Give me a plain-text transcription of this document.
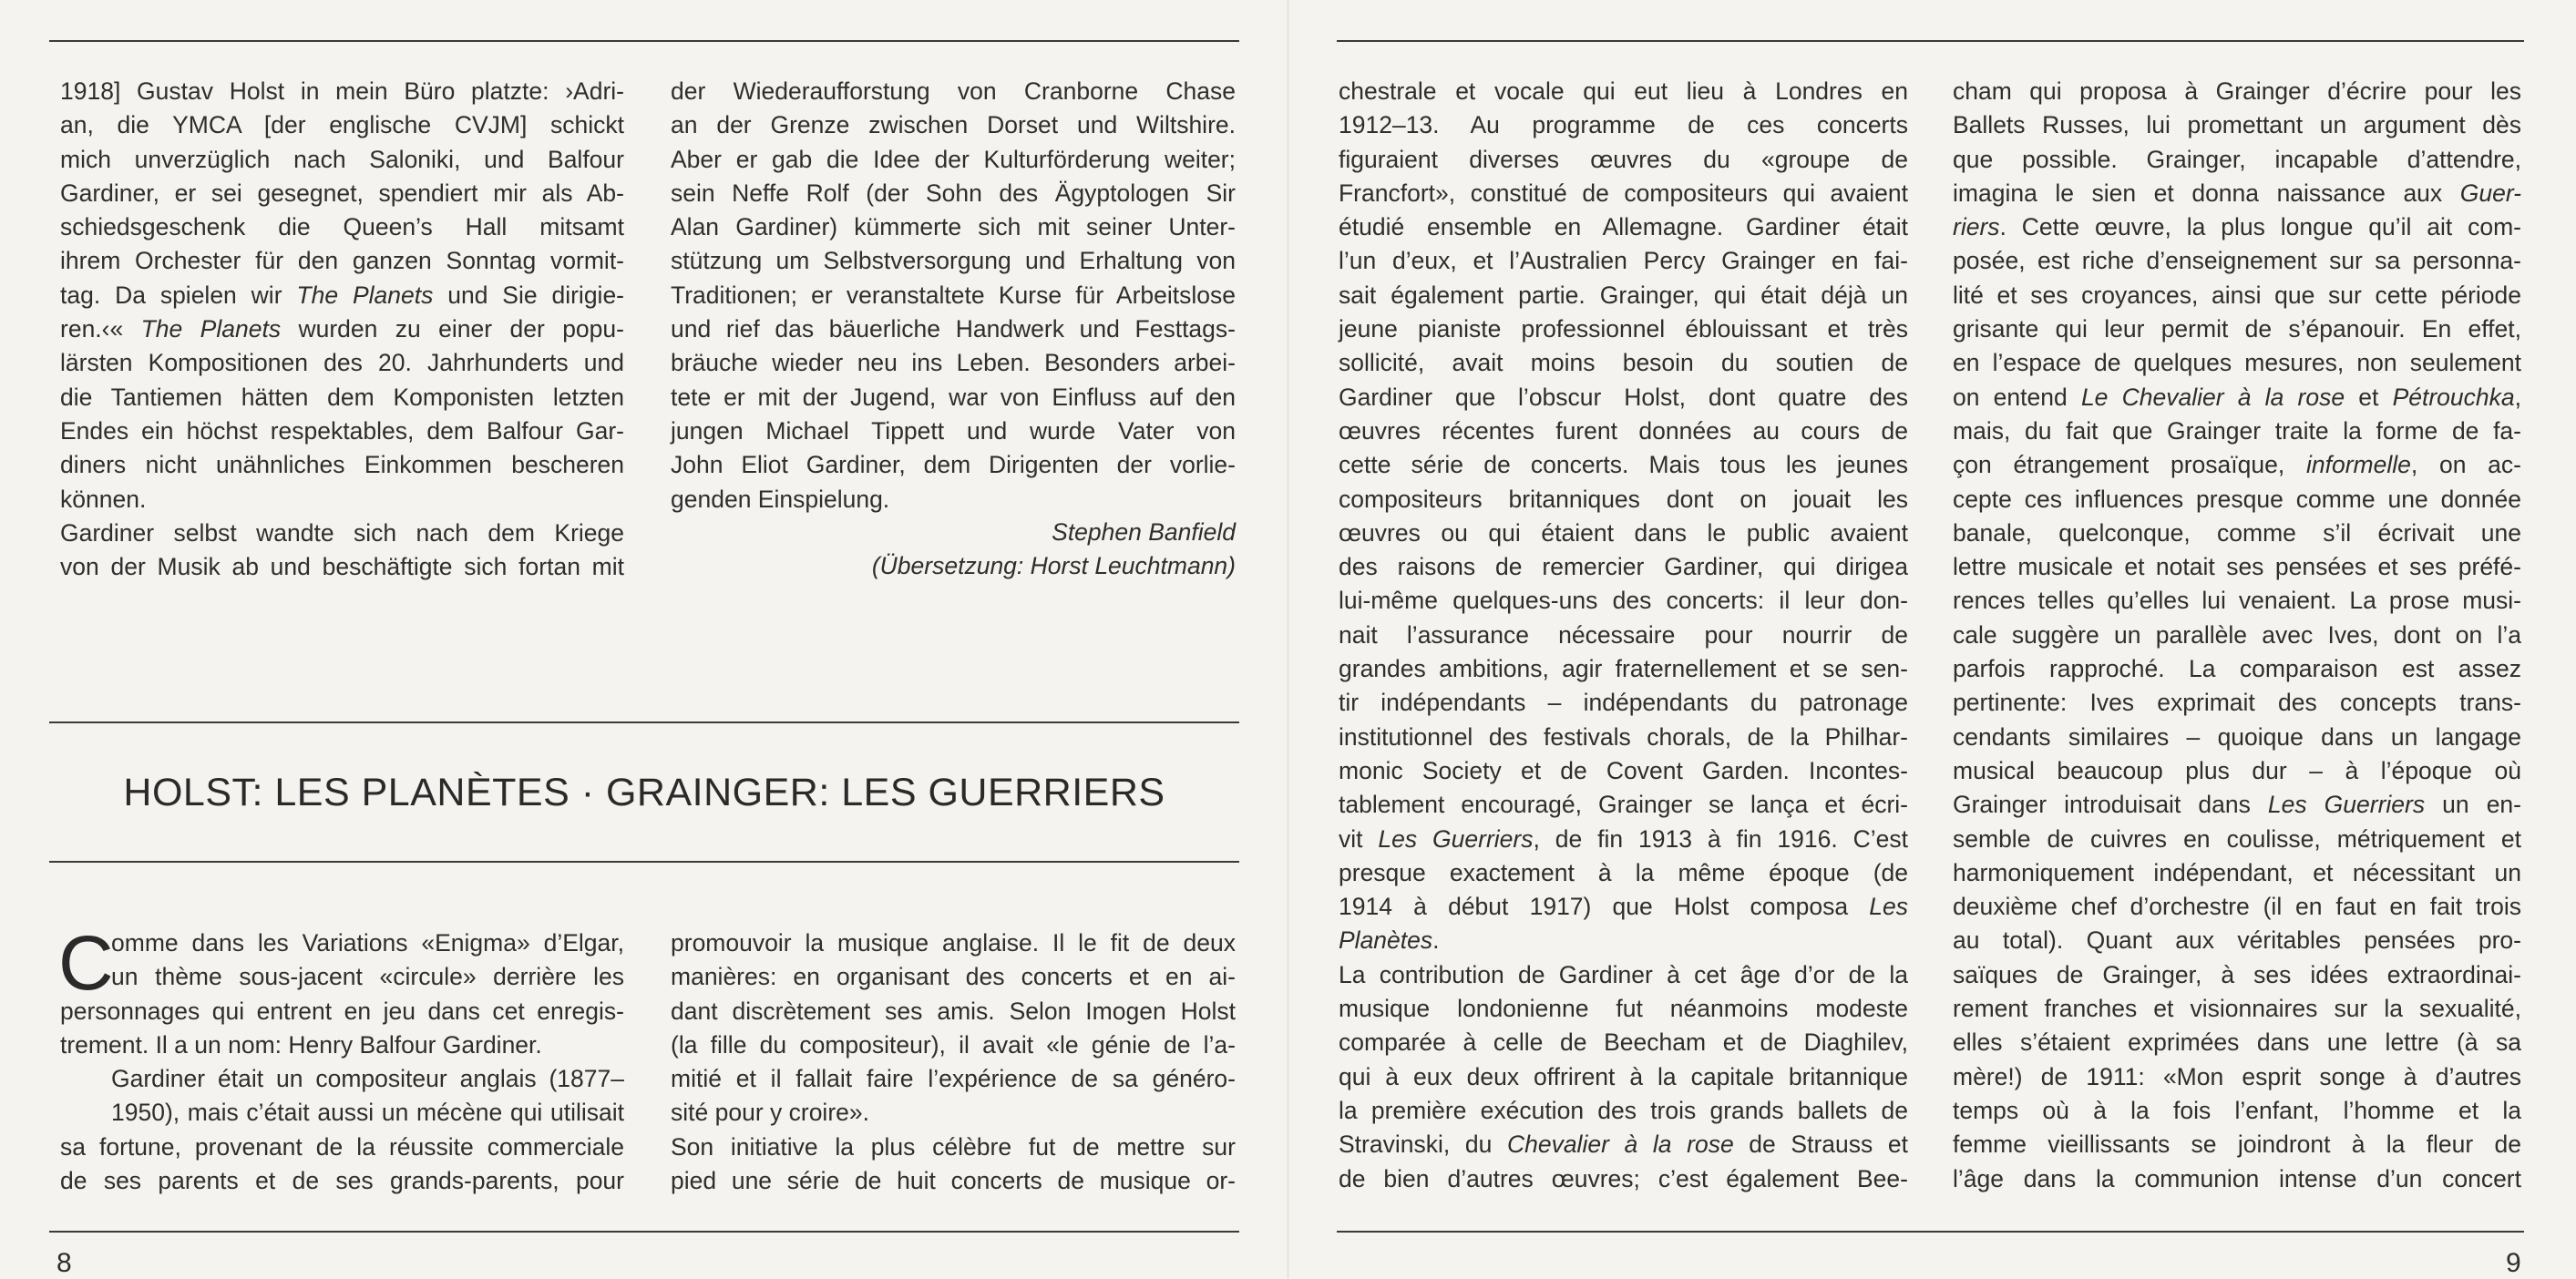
1918] Gustav Holst in mein Büro platzte: ›Adri-
an, die YMCA [der englische CVJM] schickt
mich unverzüglich nach Saloniki, und Balfour
Gardiner, er sei gesegnet, spendiert mir als Ab-
schiedsgeschenk die Queen’s Hall mitsamt
ihrem Orchester für den ganzen Sonntag vormit-
tag. Da spielen wir The Planets und Sie dirigie-
ren.‹« The Planets wurden zu einer der popu-
lärsten Kompositionen des 20. Jahrhunderts und
die Tantiemen hätten dem Komponisten letzten
Endes ein höchst respektables, dem Balfour Gar-
diners nicht unähnliches Einkommen bescheren
können.
Gardiner selbst wandte sich nach dem Kriege
von der Musik ab und beschäftigte sich fortan mit
der Wiederaufforstung von Cranborne Chase
an der Grenze zwischen Dorset und Wiltshire.
Aber er gab die Idee der Kulturförderung weiter;
sein Neffe Rolf (der Sohn des Ägyptologen Sir
Alan Gardiner) kümmerte sich mit seiner Unter-
stützung um Selbstversorgung und Erhaltung von
Traditionen; er veranstaltete Kurse für Arbeitslose
und rief das bäuerliche Handwerk und Festtags-
bräuche wieder neu ins Leben. Besonders arbei-
tete er mit der Jugend, war von Einfluss auf den
jungen Michael Tippett und wurde Vater von
John Eliot Gardiner, dem Dirigenten der vorlie-
genden Einspielung.
Stephen Banfield
(Übersetzung: Horst Leuchtmann)
HOLST: LES PLANÈTES · GRAINGER: LES GUERRIERS
C
omme dans les Variations «Enigma» d’Elgar,
un thème sous-jacent «circule» derrière les
personnages qui entrent en jeu dans cet enregis-
trement. Il a un nom: Henry Balfour Gardiner.
Gardiner était un compositeur anglais (1877–
1950), mais c’était aussi un mécène qui utilisait
sa fortune, provenant de la réussite commerciale
de ses parents et de ses grands-parents, pour
promouvoir la musique anglaise. Il le fit de deux
manières: en organisant des concerts et en ai-
dant discrètement ses amis. Selon Imogen Holst
(la fille du compositeur), il avait «le génie de l’a-
mitié et il fallait faire l’expérience de sa généro-
sité pour y croire».
Son initiative la plus célèbre fut de mettre sur
pied une série de huit concerts de musique or-
8
chestrale et vocale qui eut lieu à Londres en
1912–13. Au programme de ces concerts
figuraient diverses œuvres du «groupe de
Francfort», constitué de compositeurs qui avaient
étudié ensemble en Allemagne. Gardiner était
l’un d’eux, et l’Australien Percy Grainger en fai-
sait également partie. Grainger, qui était déjà un
jeune pianiste professionnel éblouissant et très
sollicité, avait moins besoin du soutien de
Gardiner que l’obscur Holst, dont quatre des
œuvres récentes furent données au cours de
cette série de concerts. Mais tous les jeunes
compositeurs britanniques dont on jouait les
œuvres ou qui étaient dans le public avaient
des raisons de remercier Gardiner, qui dirigea
lui-même quelques-uns des concerts: il leur don-
nait l’assurance nécessaire pour nourrir de
grandes ambitions, agir fraternellement et se sen-
tir indépendants – indépendants du patronage
institutionnel des festivals chorals, de la Philhar-
monic Society et de Covent Garden. Incontes-
tablement encouragé, Grainger se lança et écri-
vit Les Guerriers, de fin 1913 à fin 1916. C’est
presque exactement à la même époque (de
1914 à début 1917) que Holst composa Les
Planètes.
La contribution de Gardiner à cet âge d’or de la
musique londonienne fut néanmoins modeste
comparée à celle de Beecham et de Diaghilev,
qui à eux deux offrirent à la capitale britannique
la première exécution des trois grands ballets de
Stravinski, du Chevalier à la rose de Strauss et
de bien d’autres œuvres; c’est également Bee-
cham qui proposa à Grainger d’écrire pour les
Ballets Russes, lui promettant un argument dès
que possible. Grainger, incapable d’attendre,
imagina le sien et donna naissance aux Guer-
riers. Cette œuvre, la plus longue qu’il ait com-
posée, est riche d’enseignement sur sa personna-
lité et ses croyances, ainsi que sur cette période
grisante qui leur permit de s’épanouir. En effet,
en l’espace de quelques mesures, non seulement
on entend Le Chevalier à la rose et Pétrouchka,
mais, du fait que Grainger traite la forme de fa-
çon étrangement prosaïque, informelle, on ac-
cepte ces influences presque comme une donnée
banale, quelconque, comme s’il écrivait une
lettre musicale et notait ses pensées et ses préfé-
rences telles qu’elles lui venaient. La prose musi-
cale suggère un parallèle avec Ives, dont on l’a
parfois rapproché. La comparaison est assez
pertinente: Ives exprimait des concepts trans-
cendants similaires – quoique dans un langage
musical beaucoup plus dur – à l’époque où
Grainger introduisait dans Les Guerriers un en-
semble de cuivres en coulisse, métriquement et
harmoniquement indépendant, et nécessitant un
deuxième chef d’orchestre (il en faut en fait trois
au total). Quant aux véritables pensées pro-
saïques de Grainger, à ses idées extraordinai-
rement franches et visionnaires sur la sexualité,
elles s’étaient exprimées dans une lettre (à sa
mère!) de 1911: «Mon esprit songe à d’autres
temps où à la fois l’enfant, l’homme et la
femme vieillissants se joindront à la fleur de
l’âge dans la communion intense d’un concert
9
